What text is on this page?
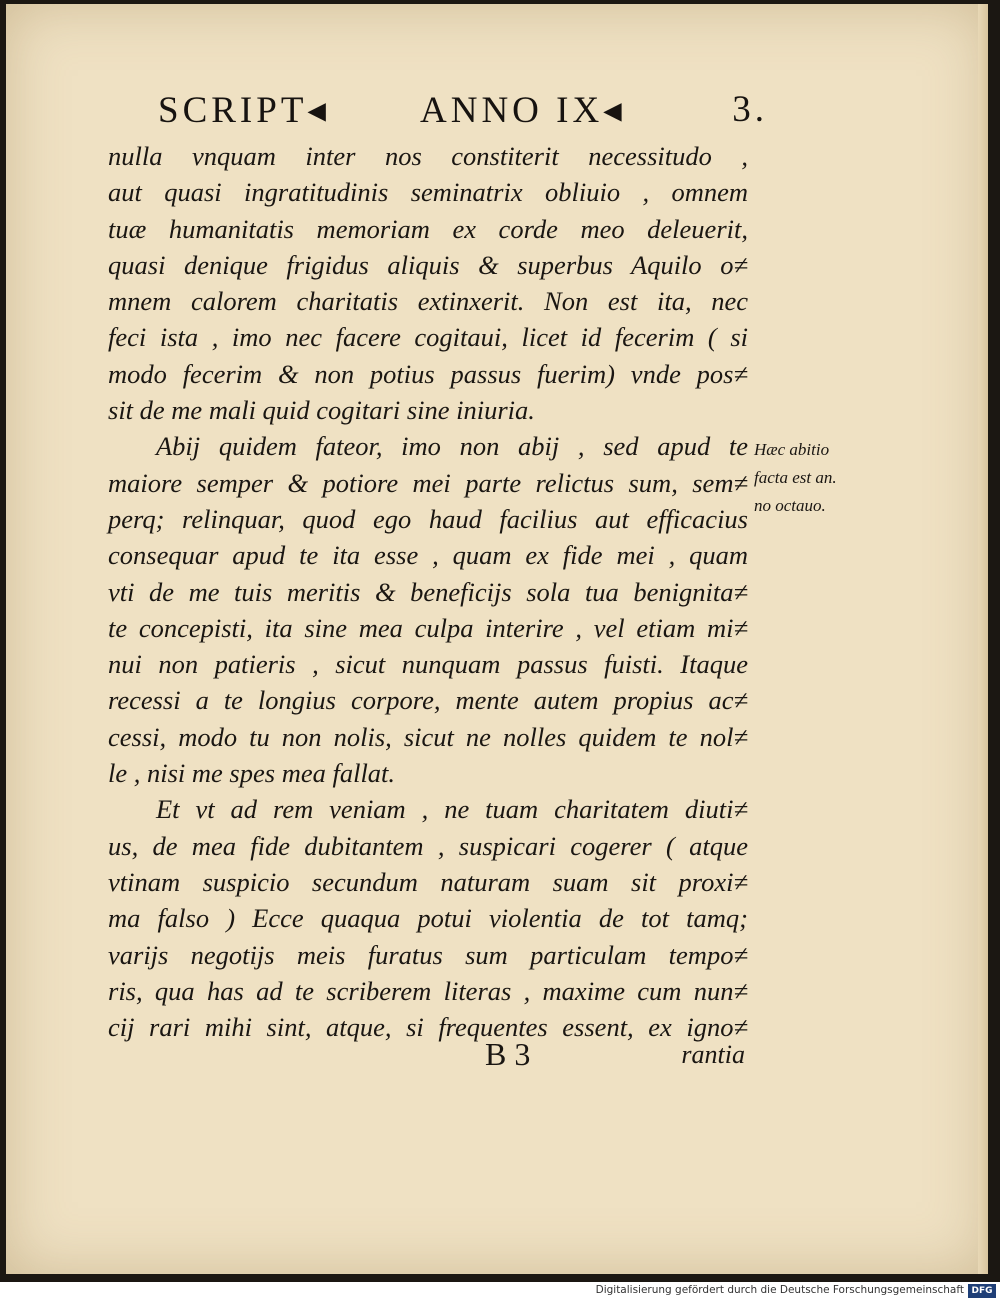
SCRIPT◂ ANNO IX◂	3.
nulla vnquam inter nos constiterit necessitudo ,
aut quasi ingratitudinis seminatrix obliuio , omnem
tuæ humanitatis memoriam ex corde meo deleuerit,
quasi denique frigidus aliquis & superbus Aquilo o≠
mnem calorem charitatis extinxerit. Non est ita, nec
feci ista , imo nec facere cogitaui, licet id fecerim ( si
modo fecerim & non potius passus fuerim) vnde pos≠
sit de me mali quid cogitari sine iniuria.
Abij quidem fateor, imo non abij , sed apud te
maiore semper & potiore mei parte relictus sum, sem≠
perq; relinquar, quod ego haud facilius aut efficacius
consequar apud te ita esse , quam ex fide mei , quam
vti de me tuis meritis & beneficijs sola tua benignita≠
te concepisti, ita sine mea culpa interire , vel etiam mi≠
nui non patieris , sicut nunquam passus fuisti. Itaque
recessi a te longius corpore, mente autem propius ac≠
cessi, modo tu non nolis, sicut ne nolles quidem te nol≠
le , nisi me spes mea fallat.
Et vt ad rem veniam , ne tuam charitatem diuti≠
us, de mea fide dubitantem , suspicari cogerer ( atque
vtinam suspicio secundum naturam suam sit proxi≠
ma falso ) Ecce quaqua potui violentia de tot tamq;
varijs negotijs meis furatus sum particulam tempo≠
ris, qua has ad te scriberem literas , maxime cum nun≠
cij rari mihi sint, atque, si frequentes essent, ex igno≠
Hæc abitio
facta est an.
no octauo.
B 3	rantia
Digitalisierung gefördert durch die Deutsche Forschungsgemeinschaft DFG
